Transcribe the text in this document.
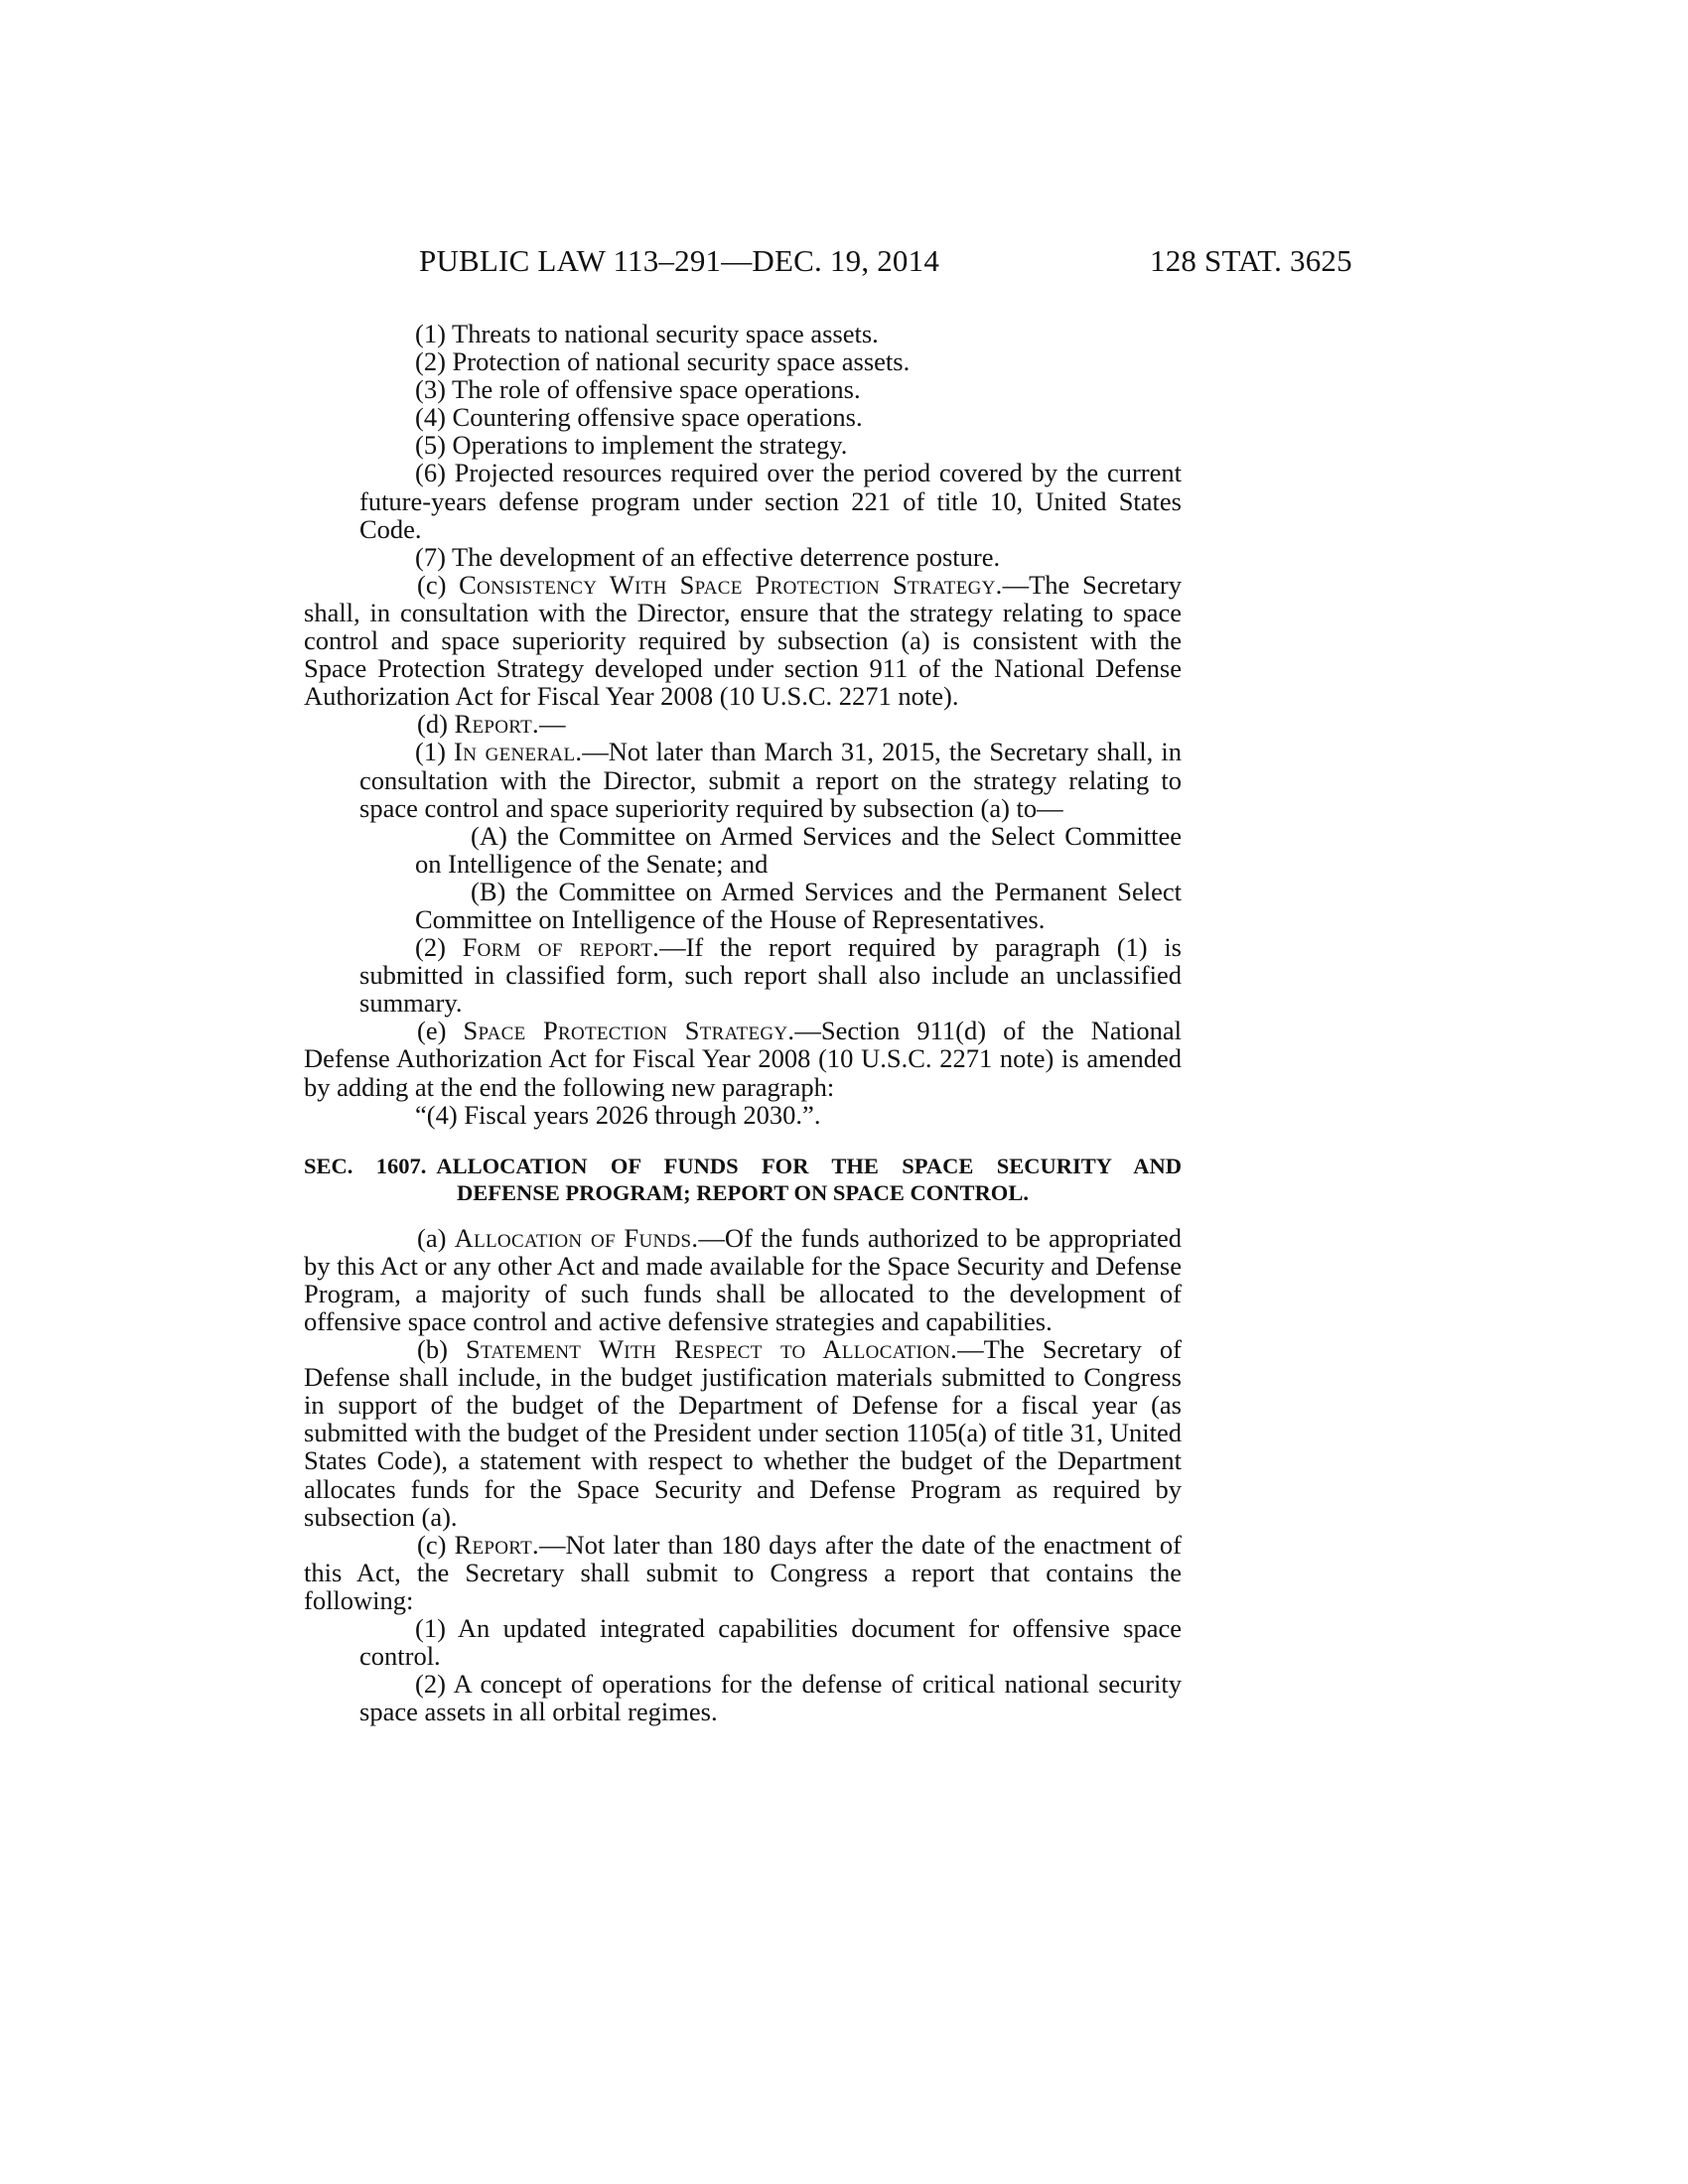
PUBLIC LAW 113–291—DEC. 19, 2014	128 STAT. 3625

(1) Threats to national security space assets.

(2) Protection of national security space assets.

(3) The role of offensive space operations.

(4) Countering offensive space operations.

(5) Operations to implement the strategy.

(6) Projected resources required over the period covered by the current future-years defense program under section 221 of title 10, United States Code.

(7) The development of an effective deterrence posture.

(c) Consistency With Space Protection Strategy.—The Secretary shall, in consultation with the Director, ensure that the strategy relating to space control and space superiority required by subsection (a) is consistent with the Space Protection Strategy developed under section 911 of the National Defense Authorization Act for Fiscal Year 2008 (10 U.S.C. 2271 note).

(d) Report.—

(1) In general.—Not later than March 31, 2015, the Secretary shall, in consultation with the Director, submit a report on the strategy relating to space control and space superiority required by subsection (a) to—

(A) the Committee on Armed Services and the Select Committee on Intelligence of the Senate; and

(B) the Committee on Armed Services and the Permanent Select Committee on Intelligence of the House of Representatives.

(2) Form of report.—If the report required by paragraph (1) is submitted in classified form, such report shall also include an unclassified summary.

(e) Space Protection Strategy.—Section 911(d) of the National Defense Authorization Act for Fiscal Year 2008 (10 U.S.C. 2271 note) is amended by adding at the end the following new paragraph:

“(4) Fiscal years 2026 through 2030.”.

SEC. 1607. ALLOCATION OF FUNDS FOR THE SPACE SECURITY AND
DEFENSE PROGRAM; REPORT ON SPACE CONTROL.

(a) Allocation of Funds.—Of the funds authorized to be appropriated by this Act or any other Act and made available for the Space Security and Defense Program, a majority of such funds shall be allocated to the development of offensive space control and active defensive strategies and capabilities.

(b) Statement With Respect to Allocation.—The Secretary of Defense shall include, in the budget justification materials submitted to Congress in support of the budget of the Department of Defense for a fiscal year (as submitted with the budget of the President under section 1105(a) of title 31, United States Code), a statement with respect to whether the budget of the Department allocates funds for the Space Security and Defense Program as required by subsection (a).

(c) Report.—Not later than 180 days after the date of the enactment of this Act, the Secretary shall submit to Congress a report that contains the following:

(1) An updated integrated capabilities document for offensive space control.

(2) A concept of operations for the defense of critical national security space assets in all orbital regimes.
